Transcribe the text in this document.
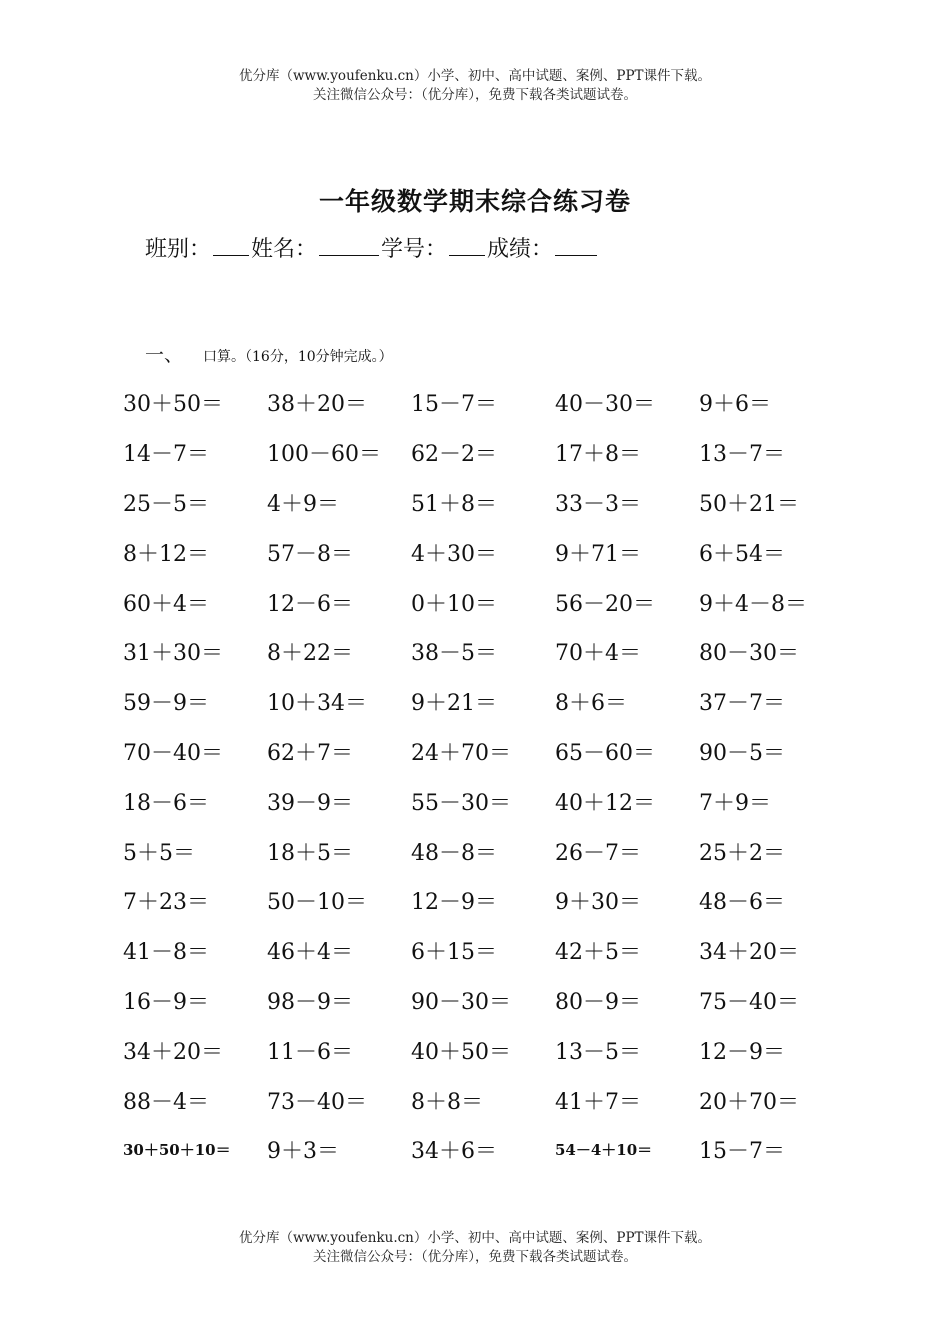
优分库（www.youfenku.cn）小学、初中、高中试题、案例、PPT课件下载。
关注微信公众号：（优分库），免费下载各类试题试卷。
一年级数学期末综合练习卷
班别： 姓名：	学号： 成绩：
一、 口算。（16分，10分钟完成。）
30＋50＝	38＋20＝	15－7＝	40－30＝	9＋6＝
14－7＝	100－60＝	62－2＝	17＋8＝	13－7＝
25－5＝	4＋9＝	51＋8＝	33－3＝	50＋21＝
8＋12＝	57－8＝	4＋30＝	9＋71＝	6＋54＝
60＋4＝	12－6＝	0＋10＝	56－20＝	9＋4－8＝
31＋30＝	8＋22＝	38－5＝	70＋4＝	80－30＝
59－9＝	10＋34＝	9＋21＝	8＋6＝	37－7＝
70－40＝	62＋7＝	24＋70＝	65－60＝	90－5＝
18－6＝	39－9＝	55－30＝	40＋12＝	7＋9＝
5＋5＝	18＋5＝	48－8＝	26－7＝	25＋2＝
7＋23＝	50－10＝	12－9＝	9＋30＝	48－6＝
41－8＝	46＋4＝	6＋15＝	42＋5＝	34＋20＝
16－9＝	98－9＝	90－30＝	80－9＝	75－40＝
34＋20＝	11－6＝	40＋50＝	13－5＝	12－9＝
88－4＝	73－40＝	8＋8＝	41＋7＝	20＋70＝
30＋50＋10＝	9＋3＝	34＋6＝	54－4＋10＝	15－7＝
优分库（www.youfenku.cn）小学、初中、高中试题、案例、PPT课件下载。
关注微信公众号：（优分库），免费下载各类试题试卷。
